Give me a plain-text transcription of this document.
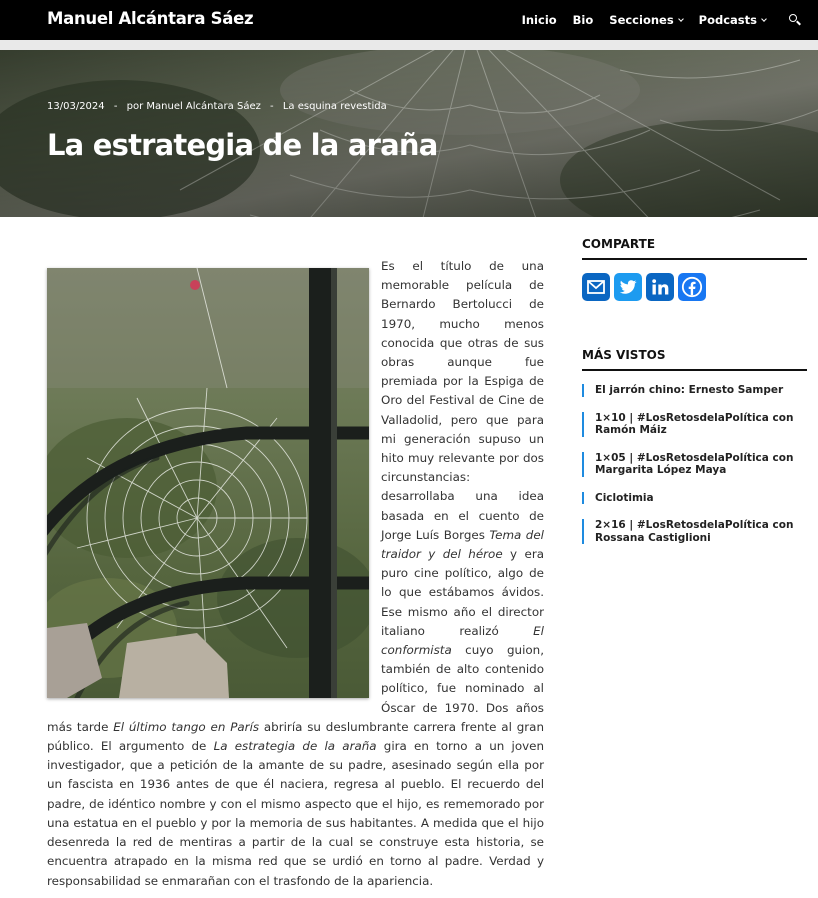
Manuel Alcántara Sáez	Inicio Bio Secciones Podcasts
13/03/2024 - por Manuel Alcántara Sáez - La esquina revestida
La estrategia de la araña

Es el título de una memorable película de Bernardo Bertolucci de 1970, mucho menos conocida que otras de sus obras aunque fue premiada por la Espiga de Oro del Festival de Cine de Valladolid, pero que para mi generación supuso un hito muy relevante por dos circunstancias: desarrollaba una idea basada en el cuento de Jorge Luís Borges Tema del traidor y del héroe y era puro cine político, algo de lo que estábamos ávidos. Ese mismo año el director italiano realizó El conformista cuyo guion, también de alto contenido político, fue nominado al Óscar de 1970. Dos años más tarde El último tango en París abriría su deslumbrante carrera frente al gran público. El argumento de La estrategia de la araña gira en torno a un joven investigador, que a petición de la amante de su padre, asesinado según ella por un fascista en 1936 antes de que él naciera, regresa al pueblo. El recuerdo del padre, de idéntico nombre y con el mismo aspecto que el hijo, es rememorado por una estatua en el pueblo y por la memoria de sus habitantes. A medida que el hijo desenreda la red de mentiras a partir de la cual se construye esta historia, se encuentra atrapado en la misma red que se urdió en torno al padre. Verdad y responsabilidad se enmarañan con el trasfondo de la apariencia.

COMPARTE
MÁS VISTOS
El jarrón chino: Ernesto Samper
1×10 | #LosRetosdelaPolítica con Ramón Máiz
1×05 | #LosRetosdelaPolítica con Margarita López Maya
Ciclotimia
2×16 | #LosRetosdelaPolítica con Rossana Castiglioni
